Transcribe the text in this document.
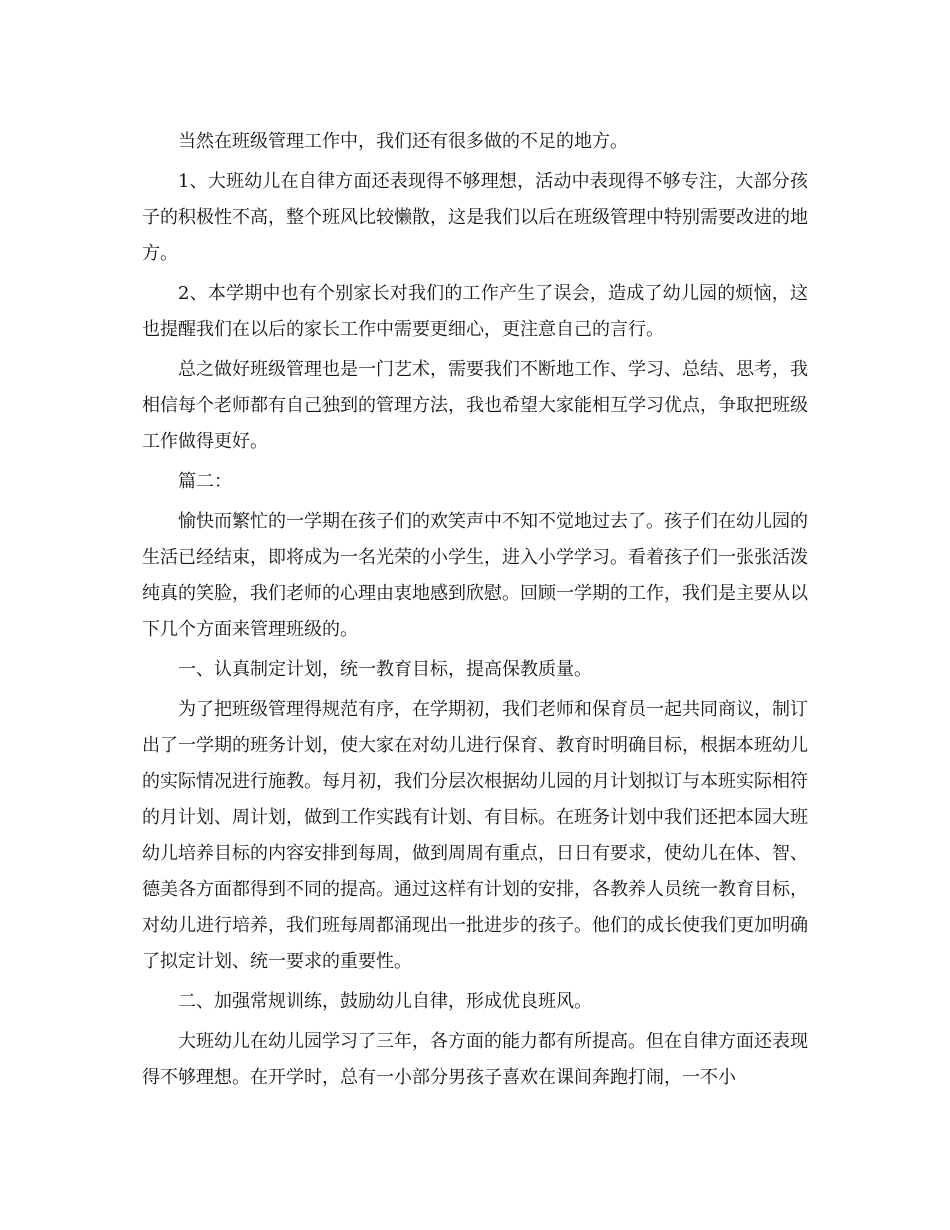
当然在班级管理工作中，我们还有很多做的不足的地方。

1、大班幼儿在自律方面还表现得不够理想，活动中表现得不够专注，大部分孩子的积极性不高，整个班风比较懒散，这是我们以后在班级管理中特别需要改进的地方。

2、本学期中也有个别家长对我们的工作产生了误会，造成了幼儿园的烦恼，这也提醒我们在以后的家长工作中需要更细心，更注意自己的言行。

总之做好班级管理也是一门艺术，需要我们不断地工作、学习、总结、思考，我相信每个老师都有自己独到的管理方法，我也希望大家能相互学习优点，争取把班级工作做得更好。

篇二：

愉快而繁忙的一学期在孩子们的欢笑声中不知不觉地过去了。孩子们在幼儿园的生活已经结束，即将成为一名光荣的小学生，进入小学学习。看着孩子们一张张活泼纯真的笑脸，我们老师的心理由衷地感到欣慰。回顾一学期的工作，我们是主要从以下几个方面来管理班级的。

一、认真制定计划，统一教育目标，提高保教质量。

为了把班级管理得规范有序，在学期初，我们老师和保育员一起共同商议，制订出了一学期的班务计划，使大家在对幼儿进行保育、教育时明确目标，根据本班幼儿的实际情况进行施教。每月初，我们分层次根据幼儿园的月计划拟订与本班实际相符的月计划、周计划，做到工作实践有计划、有目标。在班务计划中我们还把本园大班幼儿培养目标的内容安排到每周，做到周周有重点，日日有要求，使幼儿在体、智、德美各方面都得到不同的提高。通过这样有计划的安排，各教养人员统一教育目标，对幼儿进行培养，我们班每周都涌现出一批进步的孩子。他们的成长使我们更加明确了拟定计划、统一要求的重要性。

二、加强常规训练，鼓励幼儿自律，形成优良班风。

大班幼儿在幼儿园学习了三年，各方面的能力都有所提高。但在自律方面还表现得不够理想。在开学时，总有一小部分男孩子喜欢在课间奔跑打闹，一不小
